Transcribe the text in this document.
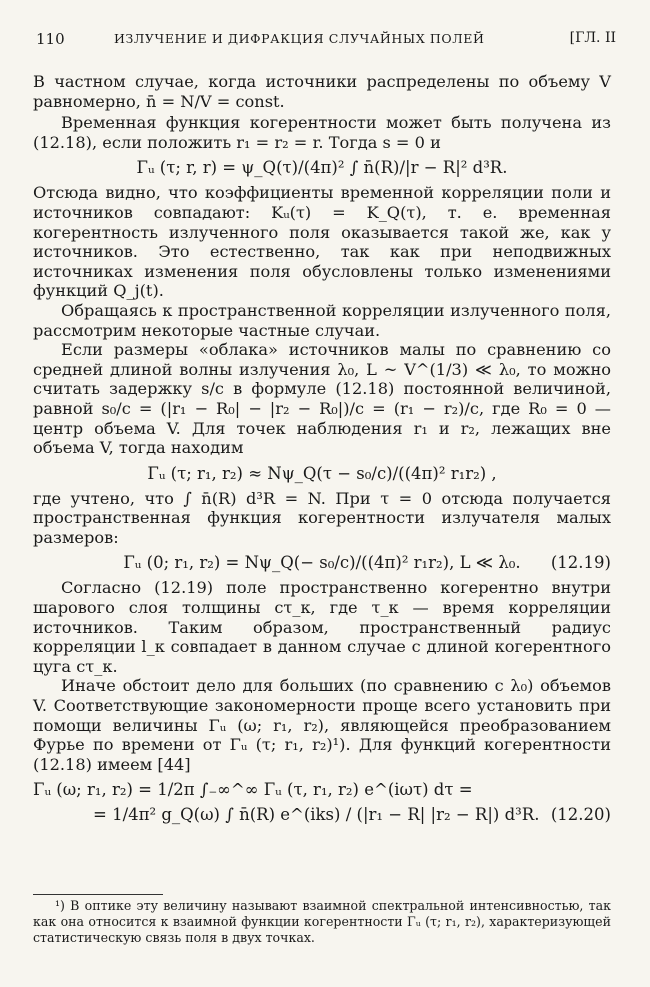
110	ИЗЛУЧЕНИЕ И ДИФРАКЦИЯ СЛУЧАЙНЫХ ПОЛЕЙ	[ГЛ. II

В частном случае, когда источники распределены по объему V равномерно, n̄ = N/V = const.

Временная функция когерентности может быть получена из (12.18), если положить r₁ = r₂ = r. Тогда s = 0 и

Γᵤ (τ; r, r) = ψ_Q(τ)/(4π)² ∫ n̄(R)/|r − R|² d³R.

Отсюда видно, что коэффициенты временной корреляции поли и источников совпадают: Kᵤ(τ) = K_Q(τ), т. е. временная когерентность излученного поля оказывается такой же, как у источников. Это естественно, так как при неподвижных источниках изменения поля обусловлены только изменениями функций Q_j(t).

Обращаясь к пространственной корреляции излученного поля, рассмотрим некоторые частные случаи.

Если размеры «облака» источников малы по сравнению со средней длиной волны излучения λ₀, L ~ V^(1/3) ≪ λ₀, то можно считать задержку s/c в формуле (12.18) постоянной величиной, равной s₀/c = (|r₁ − R₀| − |r₂ − R₀|)/c = (r₁ − r₂)/c, где R₀ = 0 — центр объема V. Для точек наблюдения r₁ и r₂, лежащих вне объема V, тогда находим

Γᵤ (τ; r₁, r₂) ≈ Nψ_Q(τ − s₀/c)/((4π)² r₁r₂) ,

где учтено, что ∫ n̄(R) d³R = N. При τ = 0 отсюда получается пространственная функция когерентности излучателя малых размеров:

Γᵤ (0; r₁, r₂) = Nψ_Q(− s₀/c)/((4π)² r₁r₂), L ≪ λ₀. (12.19)

Согласно (12.19) поле пространственно когерентно внутри шарового слоя толщины cτ_к, где τ_к — время корреляции источников. Таким образом, пространственный радиус корреляции l_к совпадает в данном случае с длиной когерентного цуга cτ_к.

Иначе обстоит дело для больших (по сравнению с λ₀) объемов V. Соответствующие закономерности проще всего установить при помощи величины Γᵤ (ω; r₁, r₂), являющейся преобразованием Фурье по времени от Γᵤ (τ; r₁, r₂)¹). Для функций когерентности (12.18) имеем [44]

Γᵤ (ω; r₁, r₂) = 1/2π ∫₋∞^∞ Γᵤ (τ, r₁, r₂) e^(iωτ) dτ =
= 1/4π² g_Q(ω) ∫ n̄(R) e^(iks) / (|r₁ − R| |r₂ − R|) d³R. (12.20)
¹) В оптике эту величину называют взаимной спектральной интенсивностью, так как она относится к взаимной функции когерентности Γᵤ (τ; r₁, r₂), характеризующей статистическую связь поля в двух точках.
